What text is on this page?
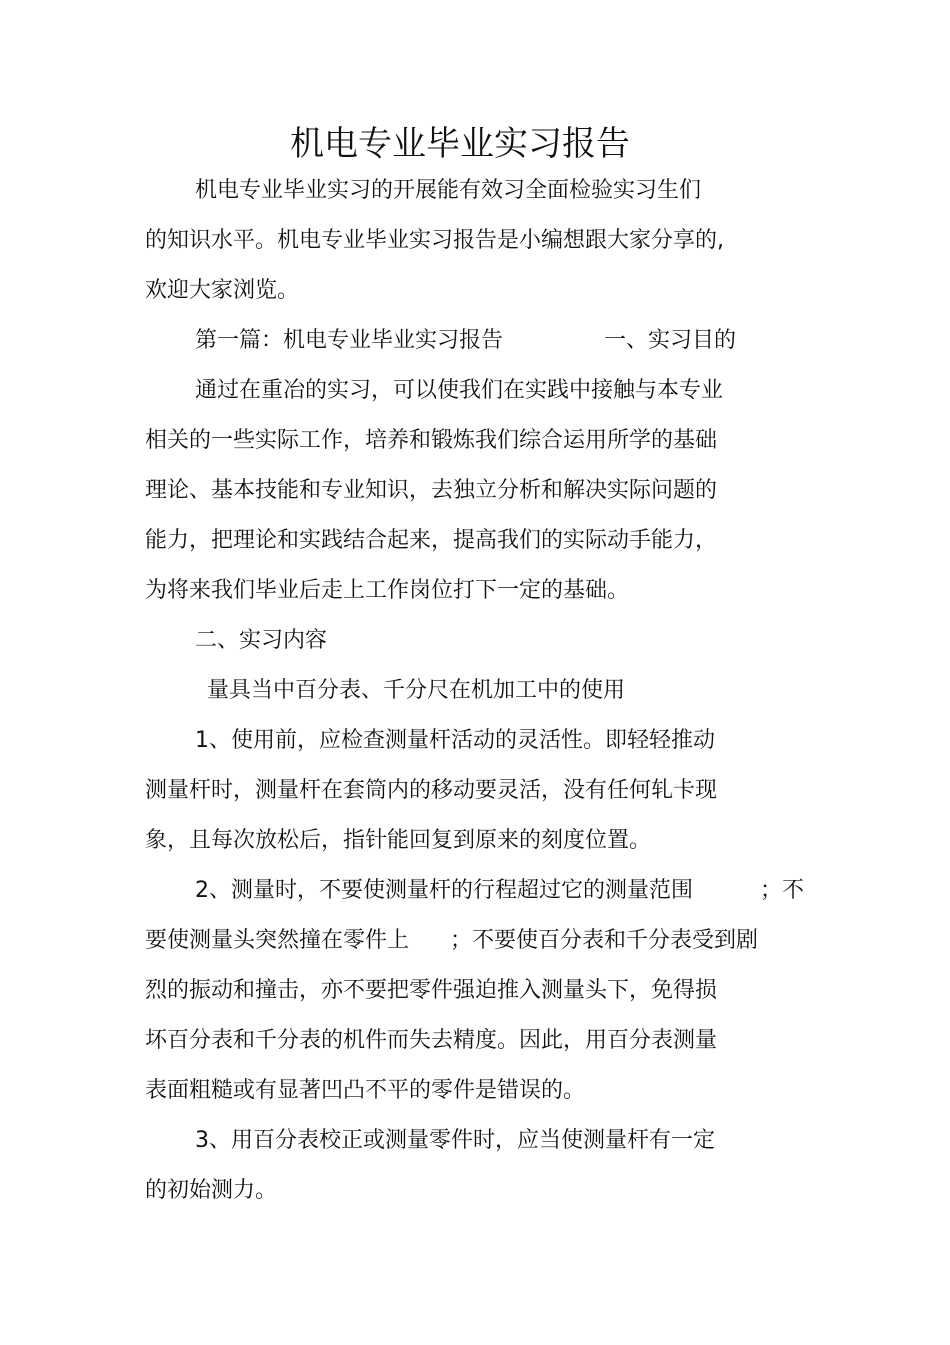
机电专业毕业实习报告
机电专业毕业实习的开展能有效习全面检验实习生们
的知识水平。机电专业毕业实习报告是小编想跟大家分享的,
欢迎大家浏览。
第一篇：机电专业毕业实习报告	一、实习目的
通过在重冶的实习，可以使我们在实践中接触与本专业
相关的一些实际工作，培养和锻炼我们综合运用所学的基础
理论、基本技能和专业知识，去独立分析和解决实际问题的
能力，把理论和实践结合起来，提高我们的实际动手能力，
为将来我们毕业后走上工作岗位打下一定的基础。
二、实习内容
量具当中百分表、千分尺在机加工中的使用
1、使用前，应检查测量杆活动的灵活性。即轻轻推动
测量杆时，测量杆在套筒内的移动要灵活，没有任何轧卡现
象，且每次放松后，指针能回复到原来的刻度位置。
2、测量时，不要使测量杆的行程超过它的测量范围	；不
要使测量头突然撞在零件上 ；不要使百分表和千分表受到剧
烈的振动和撞击，亦不要把零件强迫推入测量头下，免得损
坏百分表和千分表的机件而失去精度。因此，用百分表测量
表面粗糙或有显著凹凸不平的零件是错误的。
3、用百分表校正或测量零件时，应当使测量杆有一定
的初始测力。
